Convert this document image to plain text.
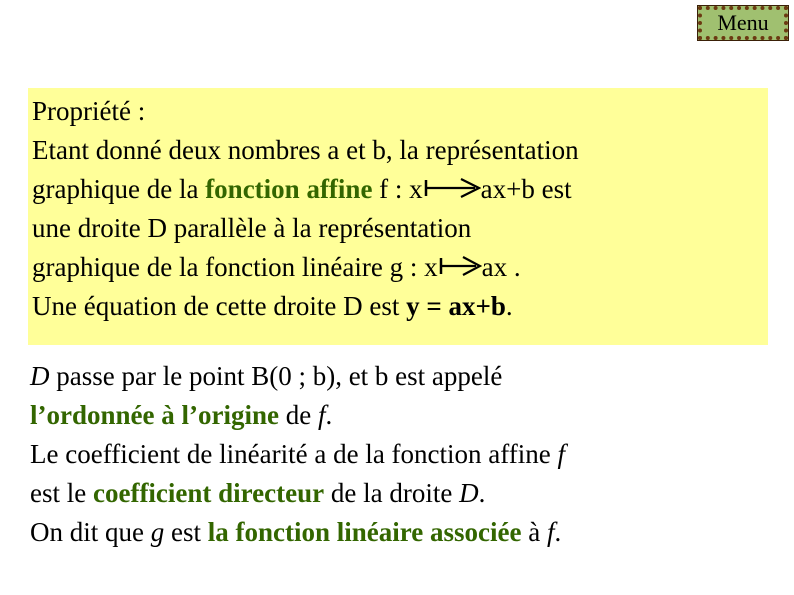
Menu
Propriété :
Etant donné deux nombres a et b, la représentation
graphique de la fonction affine f : x ax+b est
une droite D parallèle à la représentation
graphique de la fonction linéaire g : x ax .
Une équation de cette droite D est y = ax+b.
D passe par le point B(0 ; b), et b est appelé
l’ordonnée à l’origine de f.
Le coefficient de linéarité a de la fonction affine f
est le coefficient directeur de la droite D.
On dit que g est la fonction linéaire associée à f.
